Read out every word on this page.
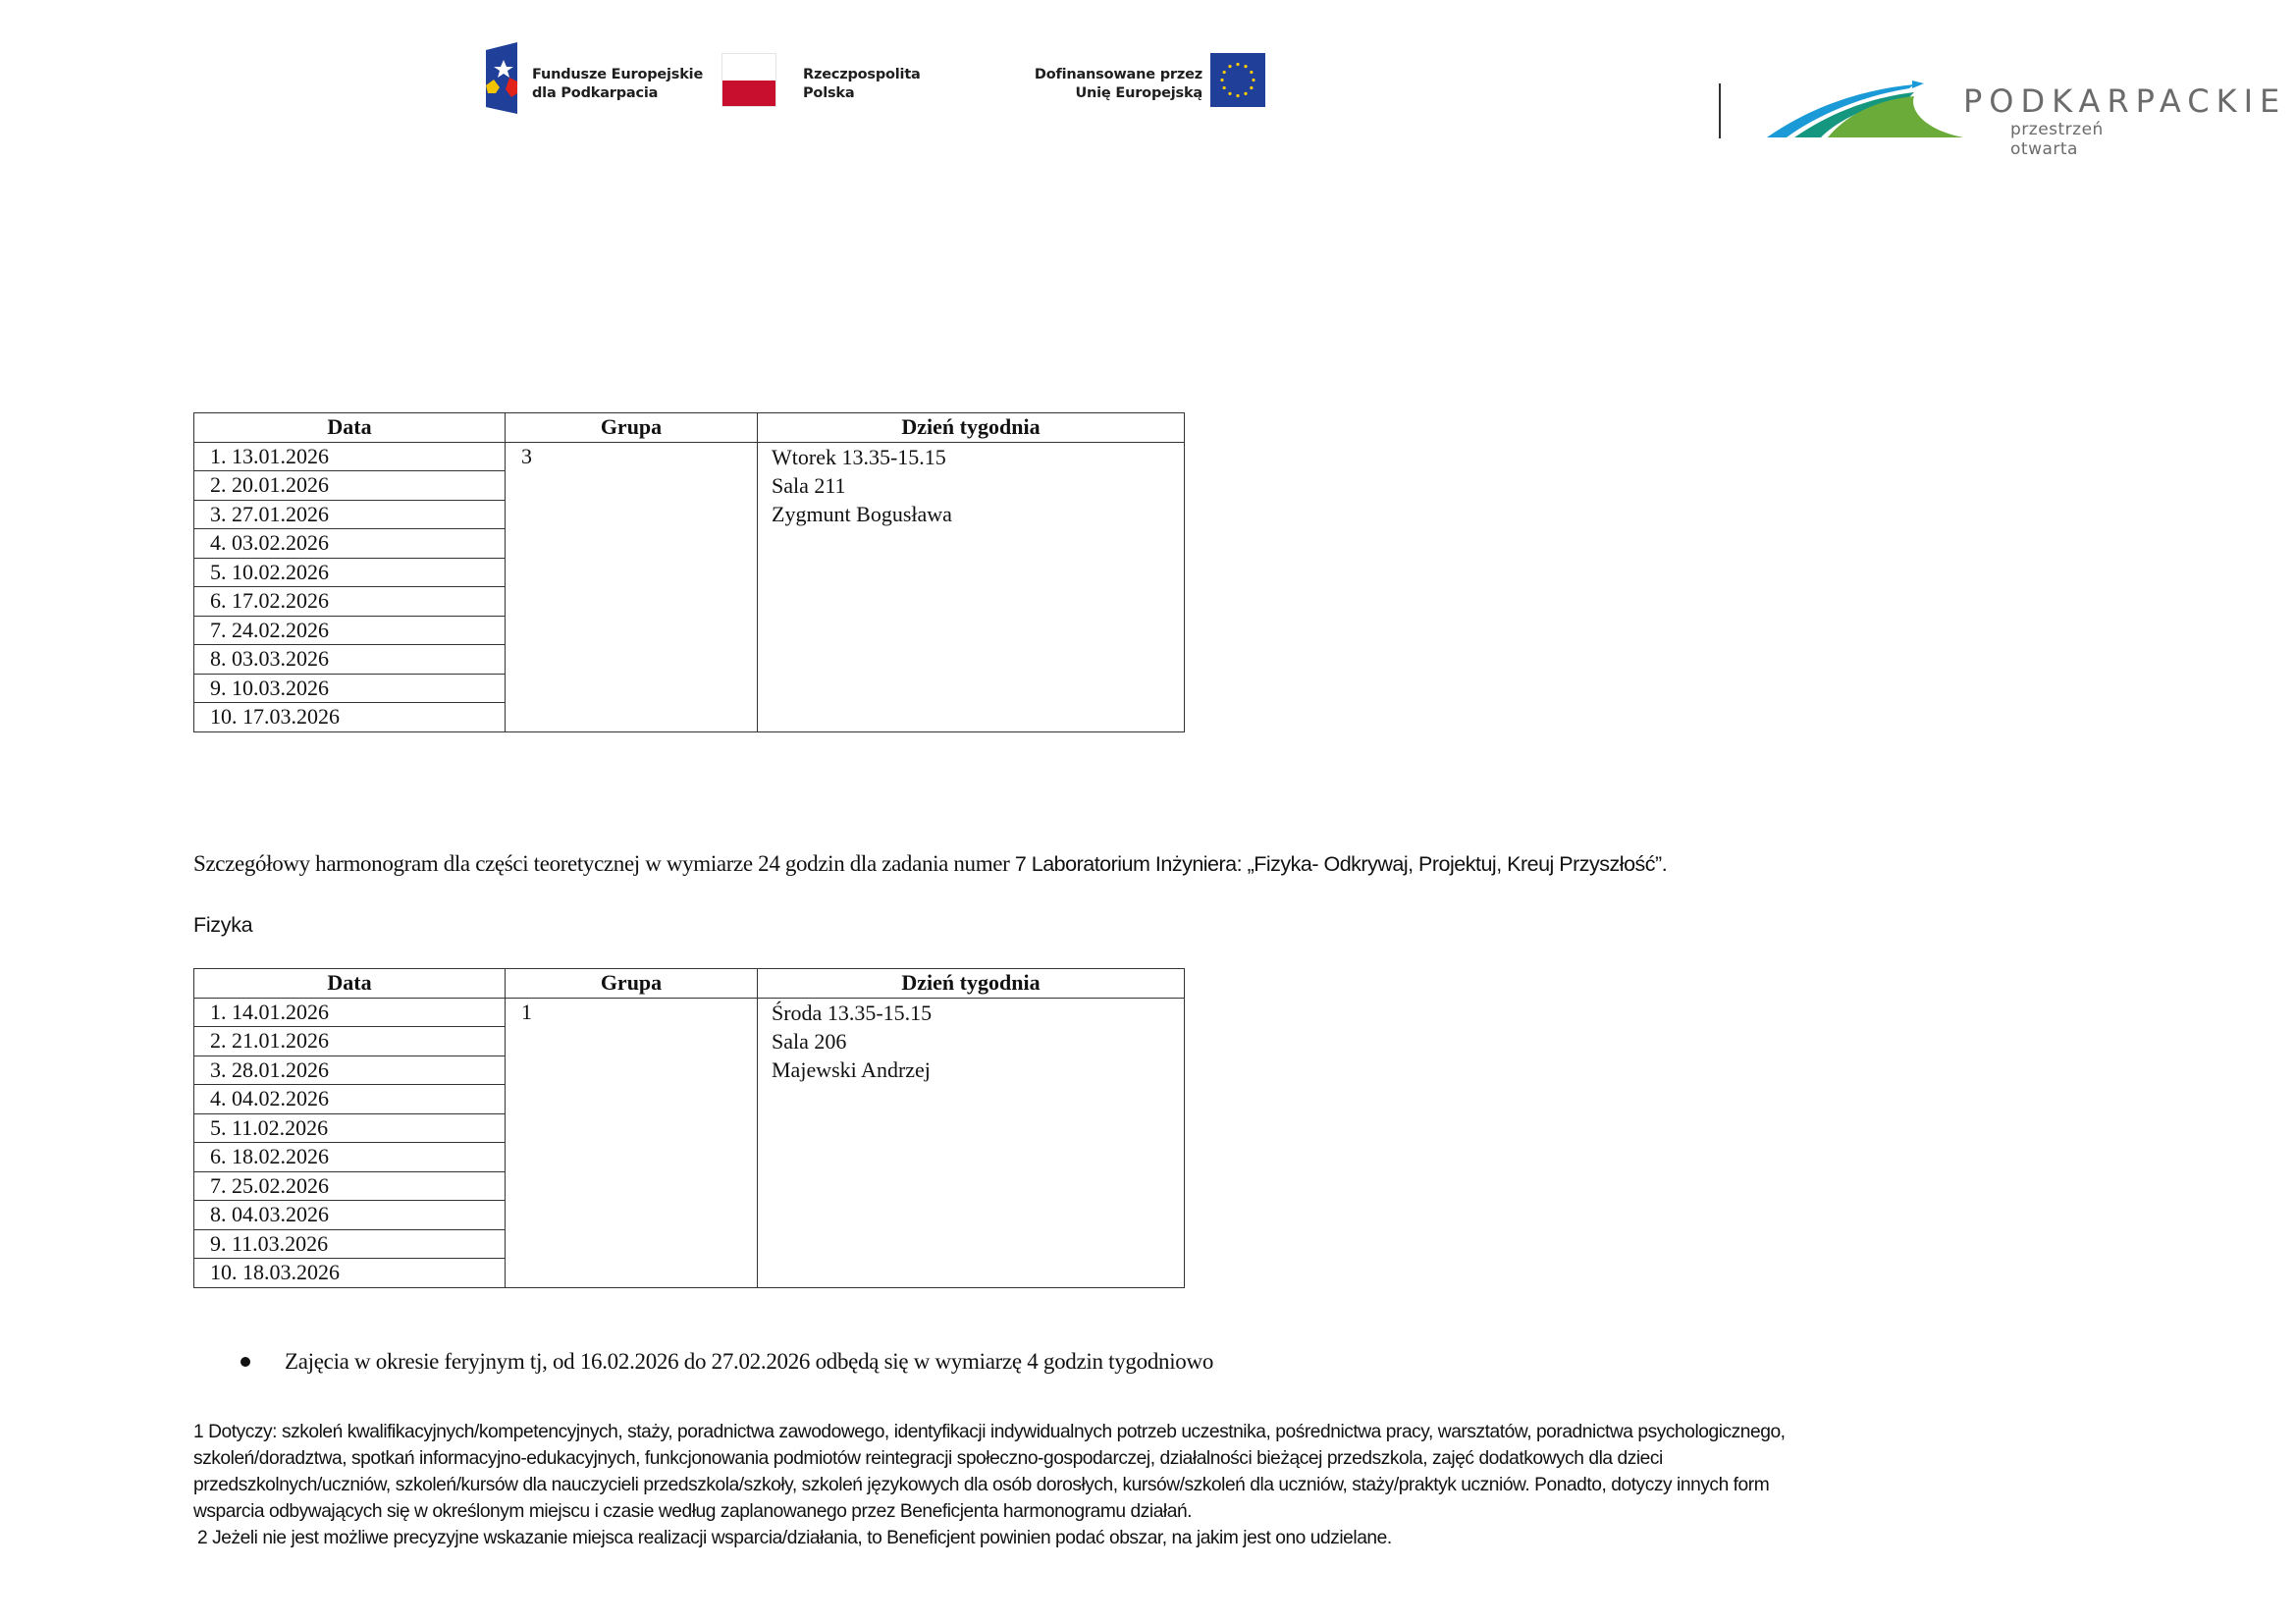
Fundusze Europejskie
dla Podkarpacia
Rzeczpospolita
Polska
Dofinansowane przez
Unię Europejską	PODKARPACKIE
przestrzeń otwarta
Data	Grupa	Dzień tygodnia
1. 13.01.2026	3	Wtorek 13.35-15.15
Sala 211
Zygmunt Bogusława

2. 20.01.2026		
3. 27.01.2026		
4. 03.02.2026		
5. 10.02.2026		
6. 17.02.2026		
7. 24.02.2026		
8. 03.03.2026		
9. 10.03.2026		
10. 17.03.2026		
Szczegółowy harmonogram dla części teoretycznej w wymiarze 24 godzin dla zadania numer 7 Laboratorium Inżyniera: „Fizyka- Odkrywaj, Projektuj, Kreuj Przyszłość”.
Fizyka
Data	Grupa	Dzień tygodnia
1. 14.01.2026	1	Środa 13.35-15.15
Sala 206
Majewski Andrzej

2. 21.01.2026		
3. 28.01.2026		
4. 04.02.2026		
5. 11.02.2026		
6. 18.02.2026		
7. 25.02.2026		
8. 04.03.2026		
9. 11.03.2026		
10. 18.03.2026		
Zajęcia w okresie feryjnym tj, od 16.02.2026 do 27.02.2026 odbędą się w wymiarzę 4 godzin tygodniowo

1 Dotyczy: szkoleń kwalifikacyjnych/kompetencyjnych, staży, poradnictwa zawodowego, identyfikacji indywidualnych potrzeb uczestnika, pośrednictwa pracy, warsztatów, poradnictwa psychologicznego,

szkoleń/doradztwa, spotkań informacyjno-edukacyjnych, funkcjonowania podmiotów reintegracji społeczno-gospodarczej, działalności bieżącej przedszkola, zajęć dodatkowych dla dzieci

przedszkolnych/uczniów, szkoleń/kursów dla nauczycieli przedszkola/szkoły, szkoleń językowych dla osób dorosłych, kursów/szkoleń dla uczniów, staży/praktyk uczniów. Ponadto, dotyczy innych form

wsparcia odbywających się w określonym miejscu i czasie według zaplanowanego przez Beneficjenta harmonogramu działań.

2 Jeżeli nie jest możliwe precyzyjne wskazanie miejsca realizacji wsparcia/działania, to Beneficjent powinien podać obszar, na jakim jest ono udzielane.
